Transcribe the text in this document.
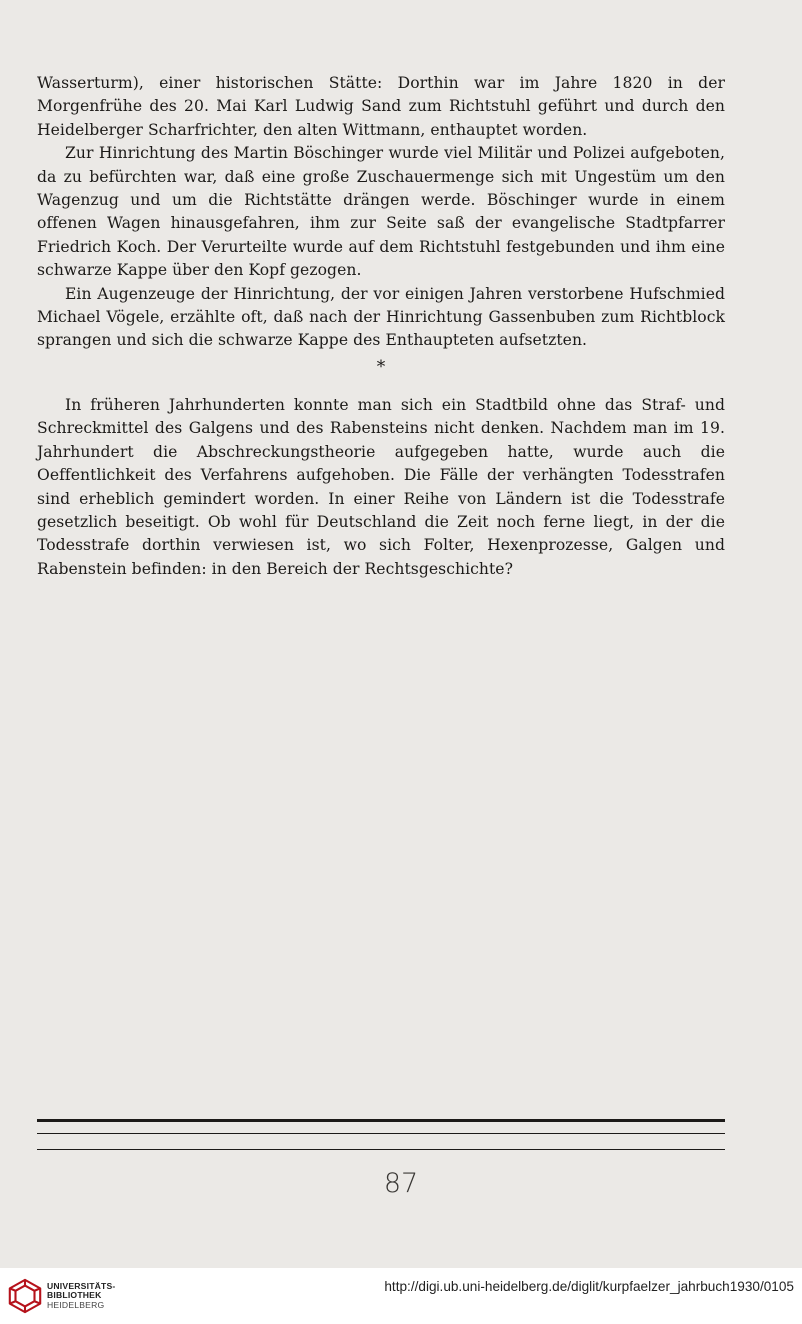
Wasserturm), einer historischen Stätte: Dorthin war im Jahre 1820 in der Morgenfrühe des 20. Mai Karl Ludwig Sand zum Richtstuhl geführt und durch den Heidelberger Scharfrichter, den alten Wittmann, enthauptet worden.

Zur Hinrichtung des Martin Böschinger wurde viel Militär und Polizei aufgeboten, da zu befürchten war, daß eine große Zuschauermenge sich mit Ungestüm um den Wagenzug und um die Richtstätte drängen werde. Böschinger wurde in einem offenen Wagen hinausgefahren, ihm zur Seite saß der evangelische Stadtpfarrer Friedrich Koch. Der Verurteilte wurde auf dem Richtstuhl festgebunden und ihm eine schwarze Kappe über den Kopf gezogen.

Ein Augenzeuge der Hinrichtung, der vor einigen Jahren verstorbene Hufschmied Michael Vögele, erzählte oft, daß nach der Hinrichtung Gassenbuben zum Richtblock sprangen und sich die schwarze Kappe des Enthaupteten aufsetzten.

*

In früheren Jahrhunderten konnte man sich ein Stadtbild ohne das Straf- und Schreckmittel des Galgens und des Rabensteins nicht denken. Nachdem man im 19. Jahrhundert die Abschreckungstheorie aufgegeben hatte, wurde auch die Oeffentlichkeit des Verfahrens aufgehoben. Die Fälle der verhängten Todesstrafen sind erheblich gemindert worden. In einer Reihe von Ländern ist die Todesstrafe gesetzlich beseitigt. Ob wohl für Deutschland die Zeit noch ferne liegt, in der die Todesstrafe dorthin verwiesen ist, wo sich Folter, Hexenprozesse, Galgen und Rabenstein befinden: in den Bereich der Rechtsgeschichte?

87
UNIVERSITÄTS-
BIBLIOTHEK
HEIDELBERG
http://digi.ub.uni-heidelberg.de/diglit/kurpfaelzer_jahrbuch1930/0105
